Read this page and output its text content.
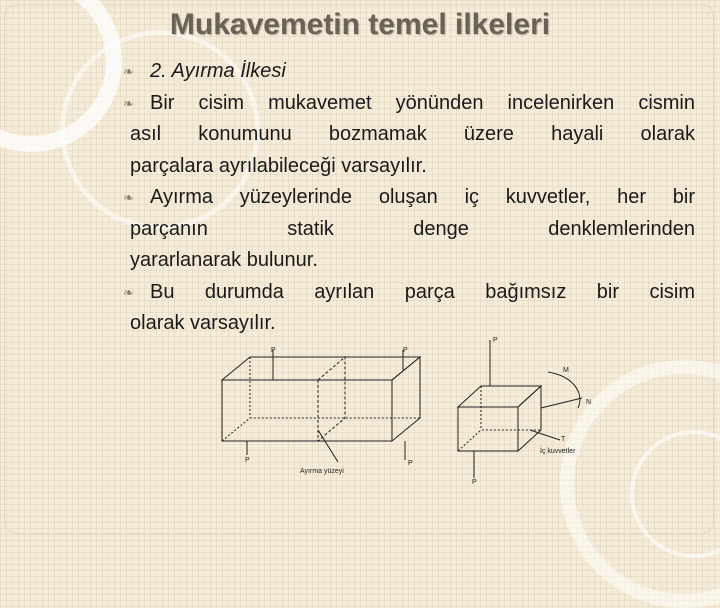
Mukavemetin temel ilkeleri
❧ 2. Ayırma İlkesi
❧ Bir cisim mukavemet yönünden incelenirken cismin
asıl konumunu bozmamak üzere hayali olarak
parçalara ayrılabileceği varsayılır.
❧ Ayırma yüzeylerinde oluşan iç kuvvetler, her bir
parçanın statik denge denklemlerinden
yararlanarak bulunur.
❧ Bu durumda ayrılan parça bağımsız bir cisim
olarak varsayılır.
P	P
P
P	P
P
M
N
T
İç kuvvetler
Ayırma yüzeyi
